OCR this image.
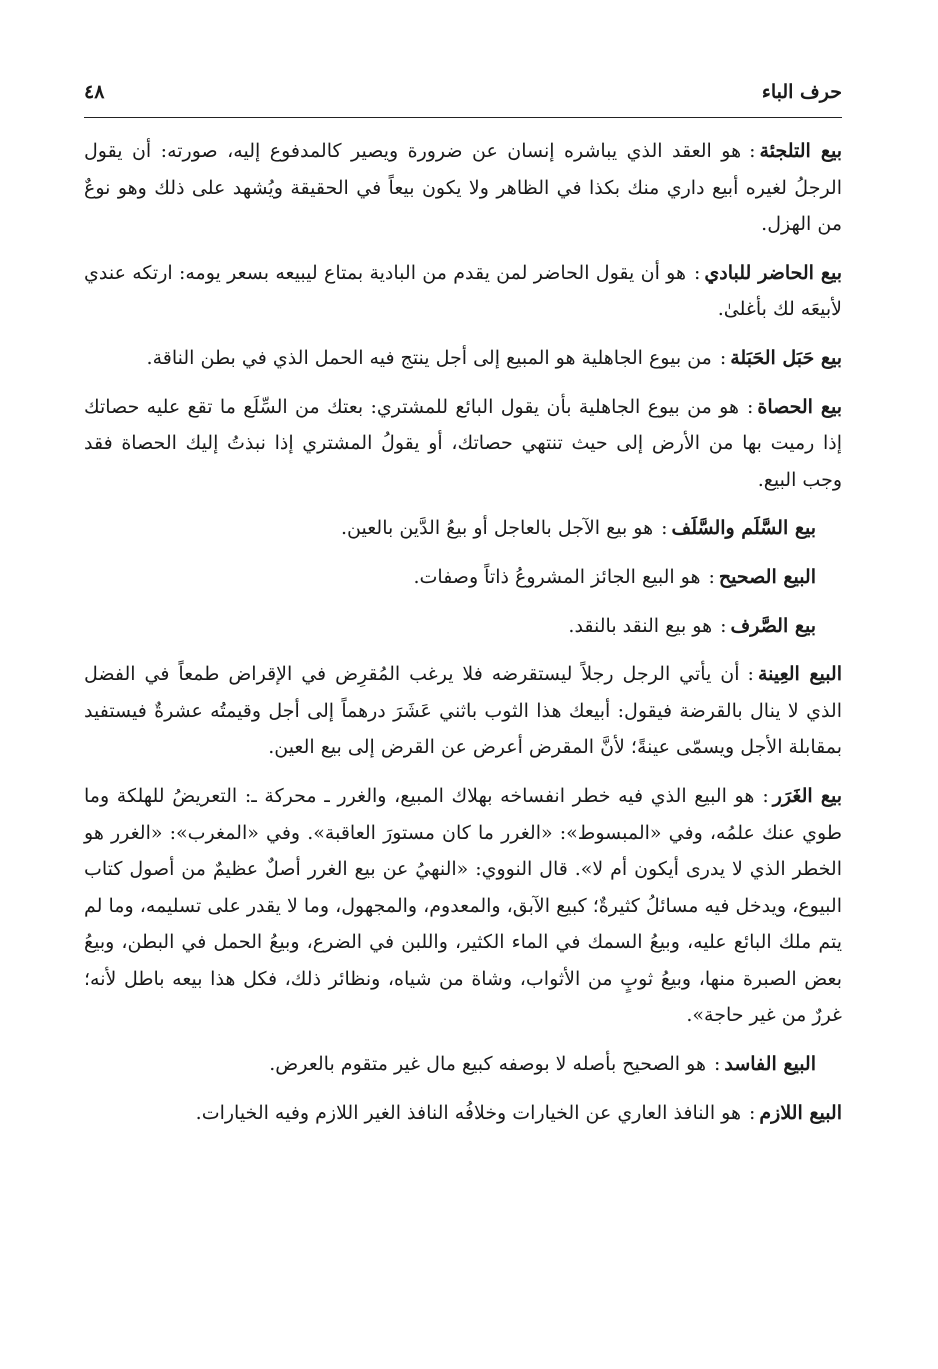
حرف الباء
٤٨

بيع التلجئة:هو العقد الذي يباشره إنسان عن ضرورة ويصير كالمدفوع إليه، صورته: أن يقول الرجلُ لغيره أبيع داري منك بكذا في الظاهر ولا يكون بيعاً في الحقيقة ويُشهد على ذلك وهو نوعٌ من الهزل.

بيع الحاضر للبادي:هو أن يقول الحاضر لمن يقدم من البادية بمتاع ليبيعه بسعر يومه: ارتكه عندي لأبيعَه لك بأغلىٰ.

بيع حَبَل الحَبَلة:من بيوع الجاهلية هو المبيع إلى أجل ينتج فيه الحمل الذي في بطن الناقة.

بيع الحصاة:هو من بيوع الجاهلية بأن يقول البائع للمشتري: بعتك من السِّلَع ما تقع عليه حصاتك إذا رميت بها من الأرض إلى حيث تنتهي حصاتك، أو يقولُ المشتري إذا نبذتُ إليك الحصاة فقد وجب البيع.

بيع السَّلَم والسَّلَف:هو بيع الآجل بالعاجل أو بيعُ الدَّين بالعين.

البيع الصحيح:هو البيع الجائز المشروعُ ذاتاً وصفات.

بيع الصَّرف:هو بيع النقد بالنقد.

البيع العِينة:أن يأتي الرجل رجلاً ليستقرضه فلا يرغب المُقرِض في الإقراض طمعاً في الفضل الذي لا ينال بالقرضة فيقول: أبيعك هذا الثوب باثني عَشَرَ درهماً إلى أجل وقيمتُه عشرةٌ فيستفيد بمقابلة الأجل ويسمّى عينةً؛ لأنَّ المقرض أعرض عن القرض إلى بيع العين.

بيع الغَرَر:هو البيع الذي فيه خطر انفساخه بهلاك المبيع، والغرر ـ محركة ـ: التعريضُ للهلكة وما طوي عنك علمُه، وفي «المبسوط»: «الغرر ما كان مستورَ العاقبة». وفي «المغرب»: «الغرر هو الخطر الذي لا يدرى أيكون أم لا». قال النووي: «النهيُ عن بيع الغرر أصلٌ عظيمٌ من أصول كتاب البيوع، ويدخل فيه مسائلُ كثيرةٌ؛ كبيع الآبق، والمعدوم، والمجهول، وما لا يقدر على تسليمه، وما لم يتم ملك البائع عليه، وبيعُ السمك في الماء الكثير، واللبن في الضرع، وبيعُ الحمل في البطن، وبيعُ بعض الصبرة منها، وبيعُ ثوبٍ من الأثواب، وشاة من شياه، ونظائر ذلك، فكل هذا بيعه باطل لأنه؛ غررٌ من غير حاجة».

البيع الفاسد:هو الصحيح بأصله لا بوصفه كبيع مال غير متقوم بالعرض.

البيع اللازم:هو النافذ العاري عن الخيارات وخلافُه النافذ الغير اللازم وفيه الخيارات.
